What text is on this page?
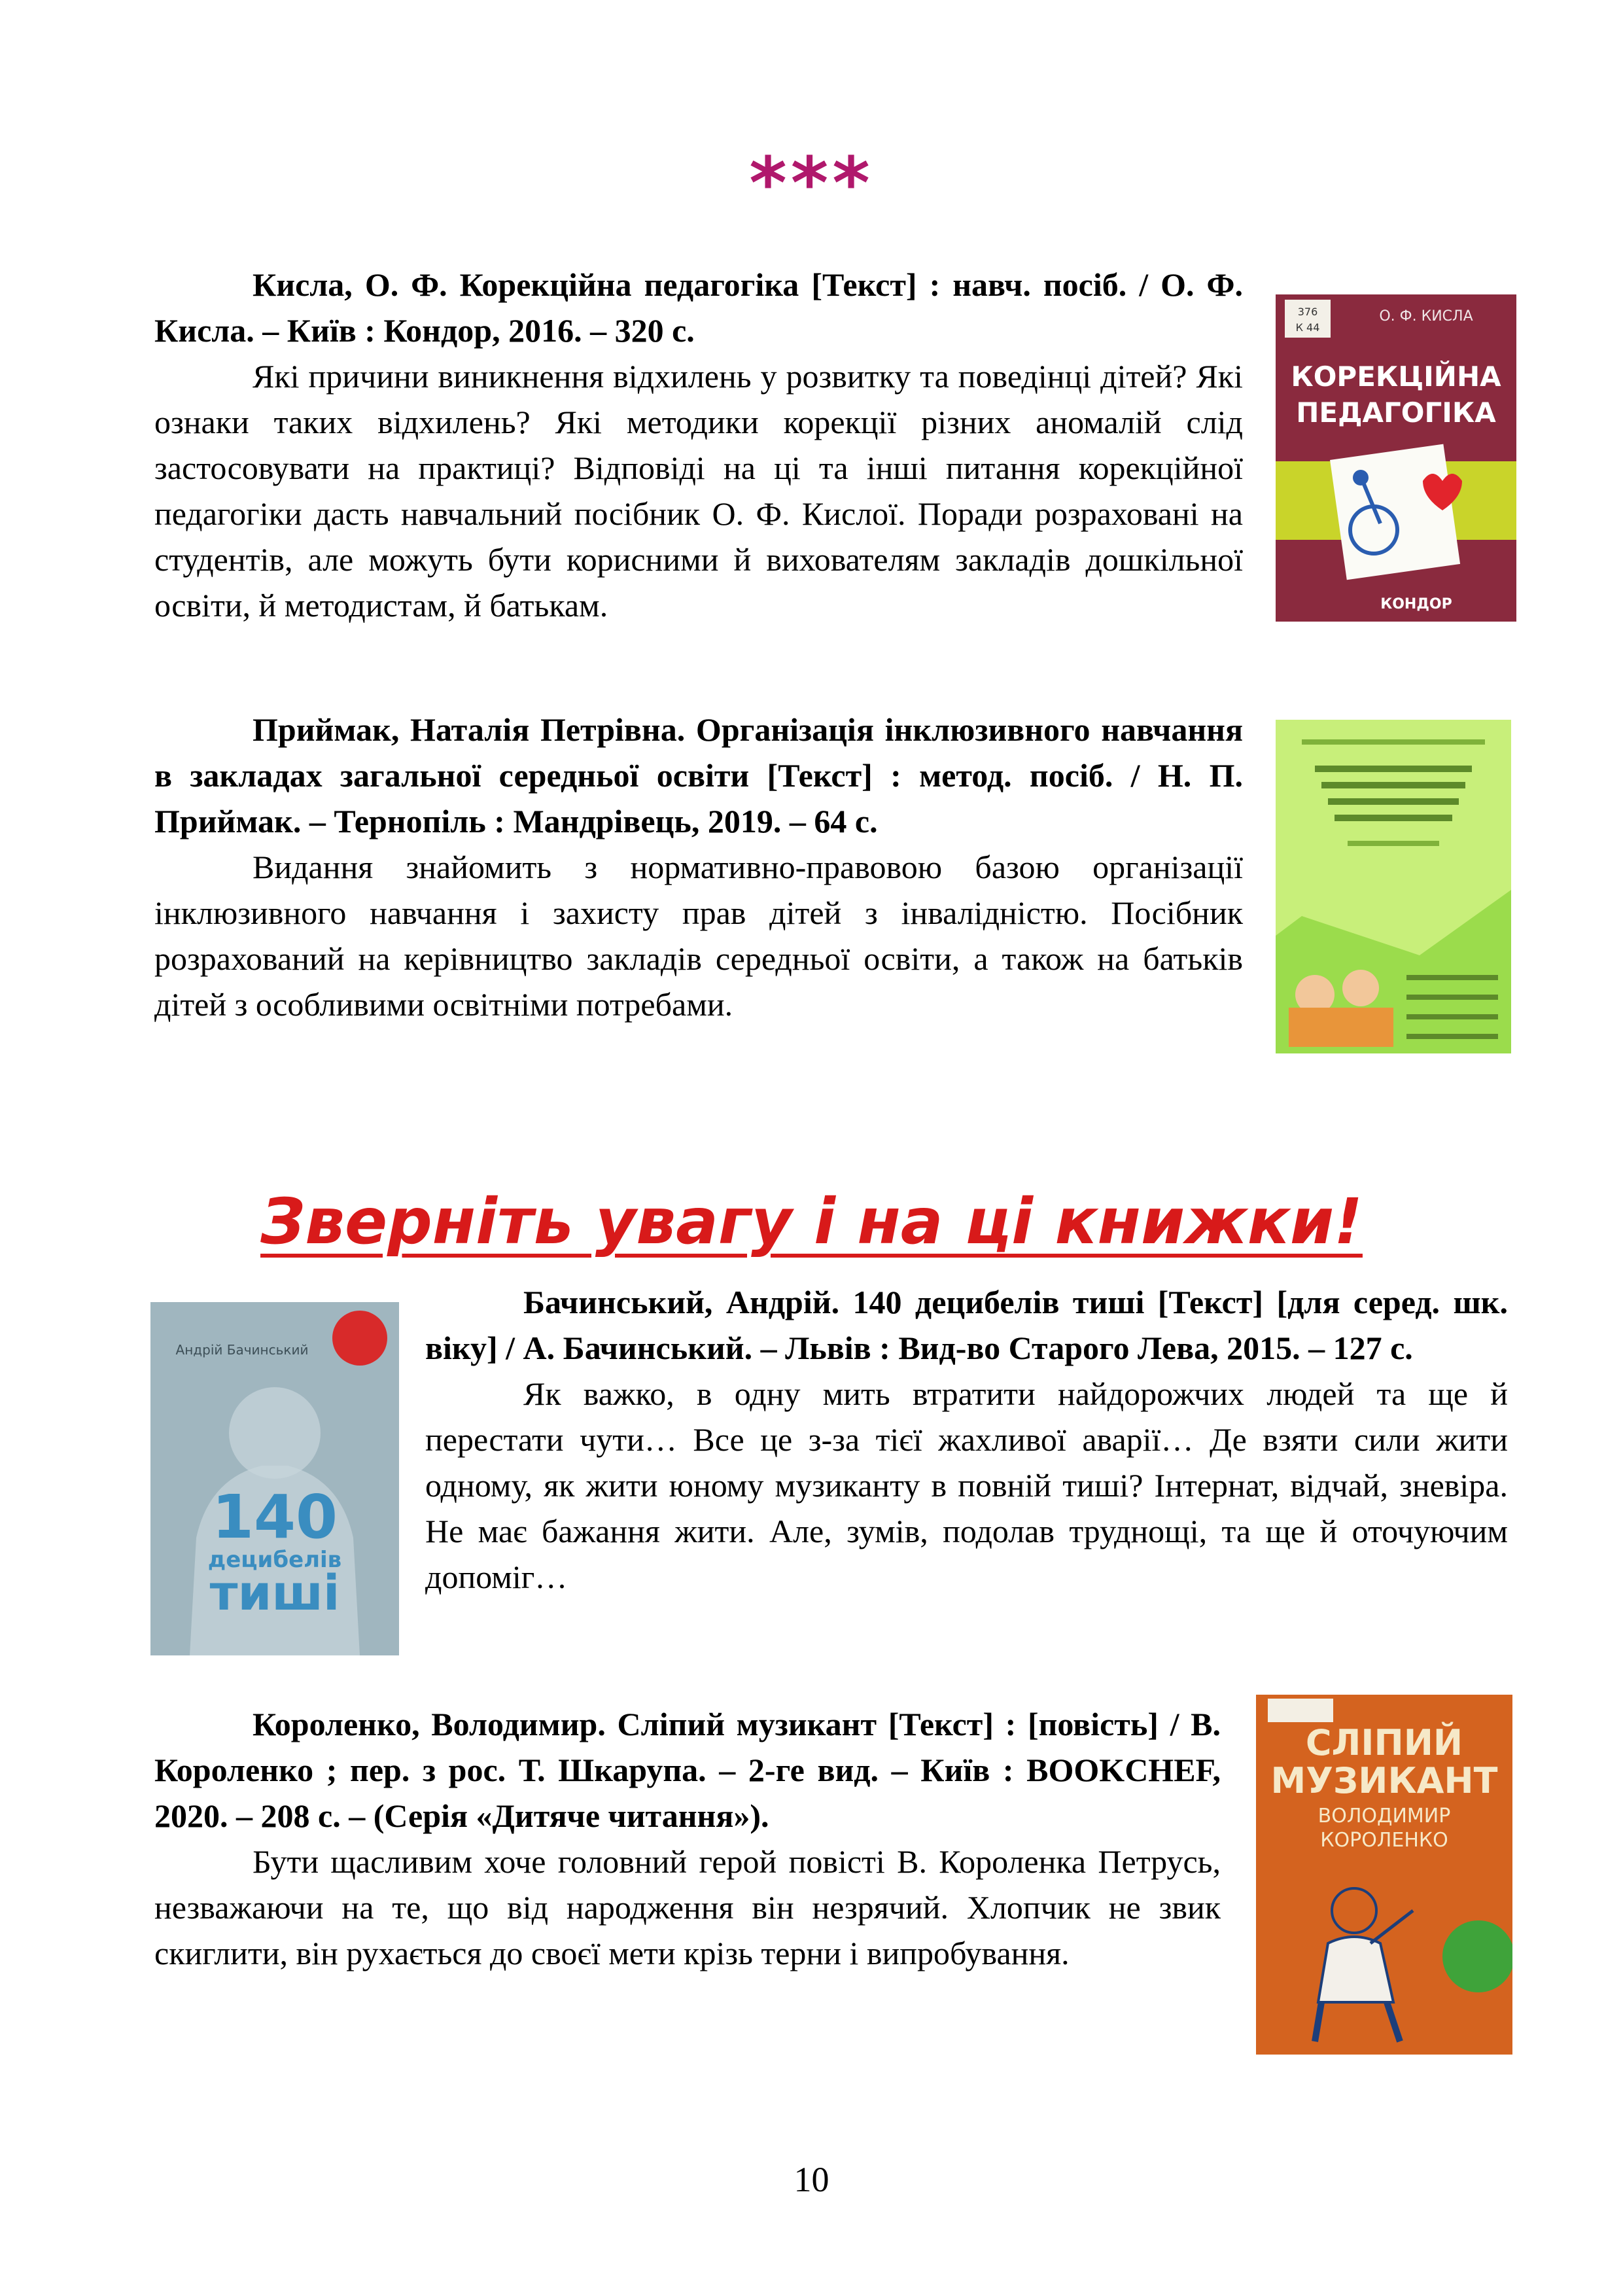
***

Кисла, О. Ф. Корекційна педагогіка [Текст] : навч. посіб. / О. Ф. Кисла. – Київ : Кондор, 2016. – 320 с.

Які причини виникнення відхилень у розвитку та поведінці дітей? Які ознаки таких відхилень? Які методики корекції різних аномалій слід застосовувати на практиці? Відповіді на ці та інші питання корекційної педагогіки дасть навчальний посібник О. Ф. Кислої. Поради розраховані на студентів, але можуть бути корисними й вихователям закладів дошкільної освіти, й методистам, й батькам.

376
К 44
О. Ф. КИСЛА
КОРЕКЦІЙНА
ПЕДАГОГІКА
КОНДОР

Приймак, Наталія Петрівна. Організація інклюзивного навчання в закладах загальної середньої освіти [Текст] : метод. посіб. / Н. П. Приймак. – Тернопіль : Мандрівець, 2019. – 64 с.

Видання знайомить з нормативно-правовою базою організації інклюзивного навчання і захисту прав дітей з інвалідністю. Посібник розрахований на керівництво закладів середньої освіти, а також на батьків дітей з особливими освітніми потребами.

Зверніть увагу і на ці книжки!
Андрій Бачинський
140
децибелів
тиші

Бачинський, Андрій. 140 децибелів тиші [Текст] [для серед. шк. віку] / А. Бачинський. – Львів : Вид-во Старого Лева, 2015. – 127 с.

Як важко, в одну мить втратити найдорожчих людей та ще й перестати чути… Все це з-за тієї жахливої аварії… Де взяти сили жити одному, як жити юному музиканту в повній тиші? Інтернат, відчай, зневіра. Не має бажання жити. Але, зумів, подолав труднощі, та ще й оточуючим допоміг…

Короленко, Володимир. Сліпий музикант [Текст] : [повість] / В. Короленко ; пер. з рос. Т. Шкарупа. – 2-ге вид. – Київ : BOOKCHEF, 2020. – 208 с. – (Серія «Дитяче читання»).

Бути щасливим хоче головний герой повісті В. Короленка Петрусь, незважаючи на те, що від народження він незрячий. Хлопчик не звик скиглити, він рухається до своєї мети крізь терни і випробування.

СЛІПИЙ
МУЗИКАНТ
ВОЛОДИМИР
КОРОЛЕНКО
10
